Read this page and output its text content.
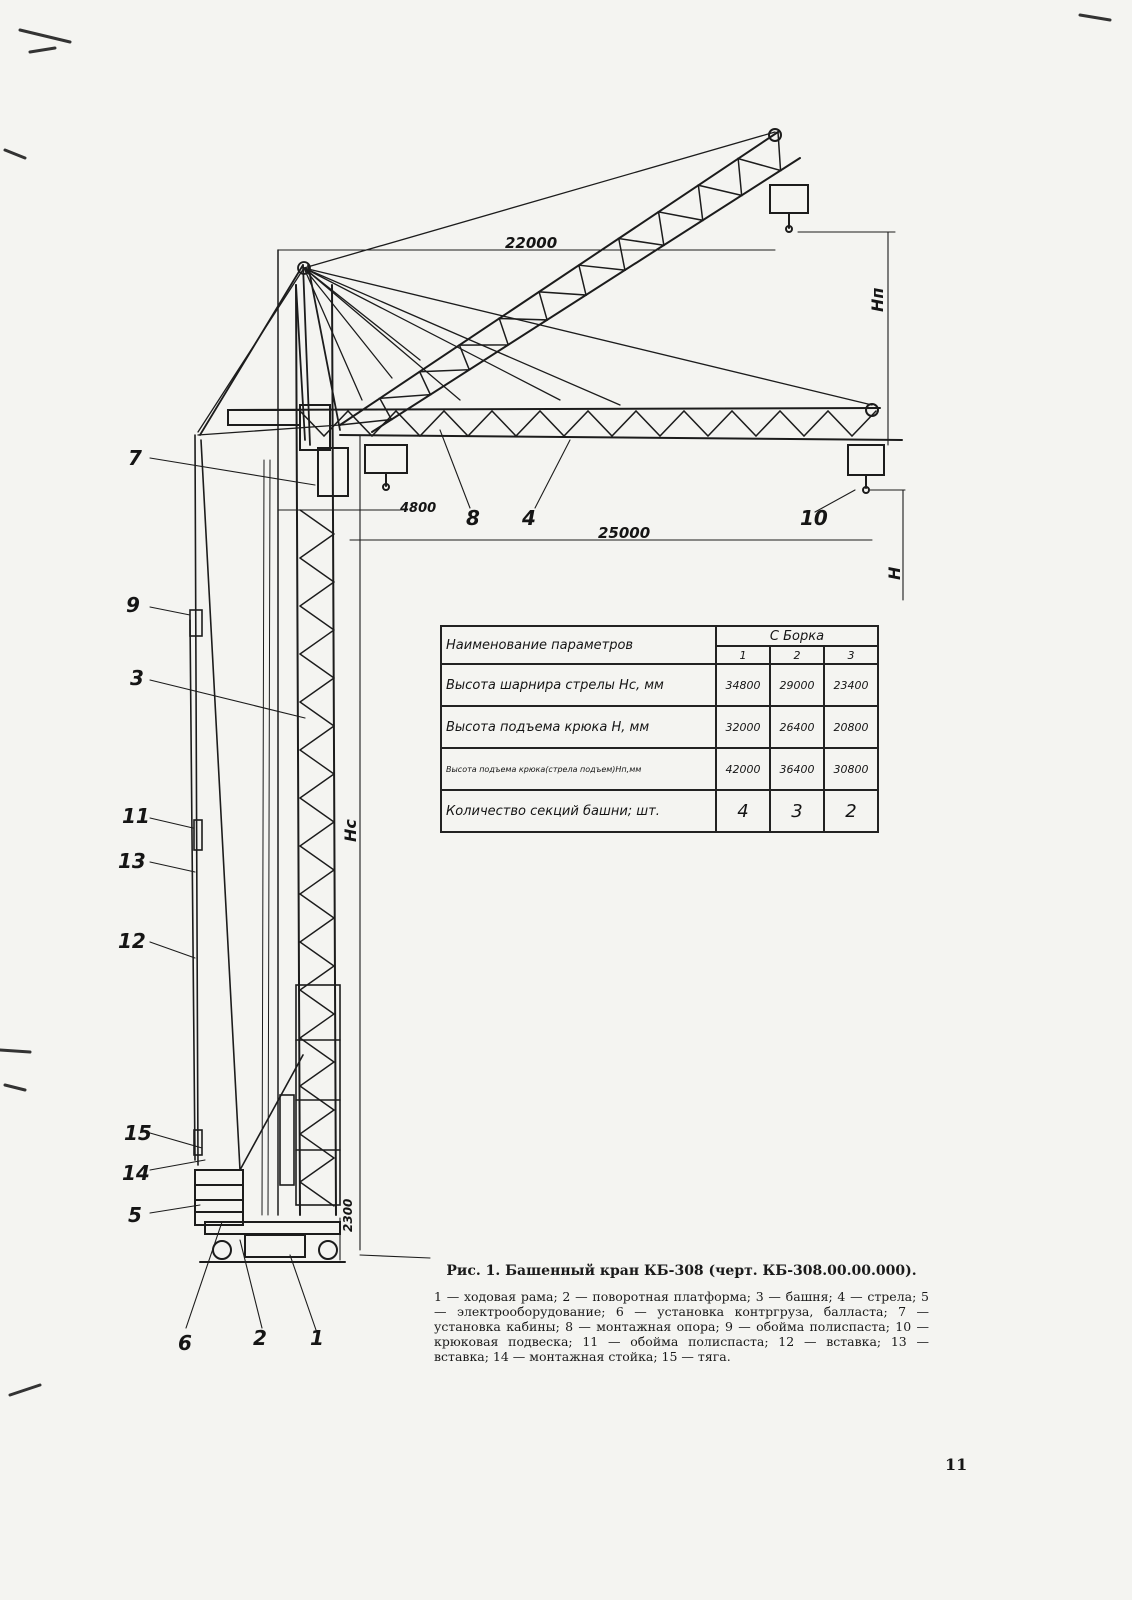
22000
25000
4800
2300
Нп
Нс
Н
1
2
3
4
5
6
7
8
9
10
11
12
13
14
15
Наименование параметров	С Боркa		
	1	2	3
Высота шарнира стрелы Нс, мм	34800	29000	23400
Высота подъема крюка Н, мм	32000	26400	20800
Высота подъема крюка(стрела подъем)Нп,мм	42000	36400	30800
Количество секций башни; шт.	4	3	2

Рис. 1. Башенный кран КБ-308 (черт. КБ-308.00.00.000).

1 — ходовая рама; 2 — поворотная платформа; 3 — башня; 4 — стрела; 5 — электрооборудование; 6 — установка контргруза, балласта; 7 — установка кабины; 8 — монтажная опора; 9 — обойма полиспаста; 10 — крюковая подвеска; 11 — обойма полиспаста; 12 — вставка; 13 — вставка; 14 — монтажная стойка; 15 — тяга.

11
